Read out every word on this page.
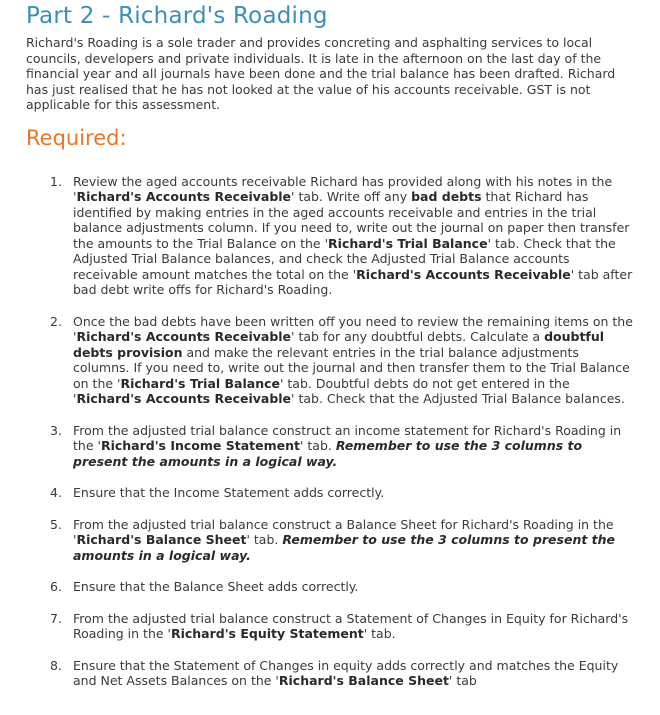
Part 2 - Richard's Roading

Richard's Roading is a sole trader and provides concreting and asphalting services to local councils, developers and private individuals. It is late in the afternoon on the last day of the financial year and all journals have been done and the trial balance has been drafted. Richard has just realised that he has not looked at the value of his accounts receivable. GST is not applicable for this assessment.

Required:
1. Review the aged accounts receivable Richard has provided along with his notes in the 'Richard's Accounts Receivable' tab. Write off any bad debts that Richard has identified by making entries in the aged accounts receivable and entries in the trial balance adjustments column. If you need to, write out the journal on paper then transfer the amounts to the Trial Balance on the 'Richard's Trial Balance' tab. Check that the Adjusted Trial Balance balances, and check the Adjusted Trial Balance accounts receivable amount matches the total on the 'Richard's Accounts Receivable' tab after bad debt write offs for Richard's Roading.
2. Once the bad debts have been written off you need to review the remaining items on the 'Richard's Accounts Receivable' tab for any doubtful debts. Calculate a doubtful debts provision and make the relevant entries in the trial balance adjustments columns. If you need to, write out the journal and then transfer them to the Trial Balance on the 'Richard's Trial Balance' tab. Doubtful debts do not get entered in the 'Richard's Accounts Receivable' tab. Check that the Adjusted Trial Balance balances.
3. From the adjusted trial balance construct an income statement for Richard's Roading in the 'Richard's Income Statement' tab. Remember to use the 3 columns to present the amounts in a logical way.
4. Ensure that the Income Statement adds correctly.
5. From the adjusted trial balance construct a Balance Sheet for Richard's Roading in the 'Richard's Balance Sheet' tab. Remember to use the 3 columns to present the amounts in a logical way.
6. Ensure that the Balance Sheet adds correctly.
7. From the adjusted trial balance construct a Statement of Changes in Equity for Richard's Roading in the 'Richard's Equity Statement' tab.
8. Ensure that the Statement of Changes in equity adds correctly and matches the Equity and Net Assets Balances on the 'Richard's Balance Sheet' tab
